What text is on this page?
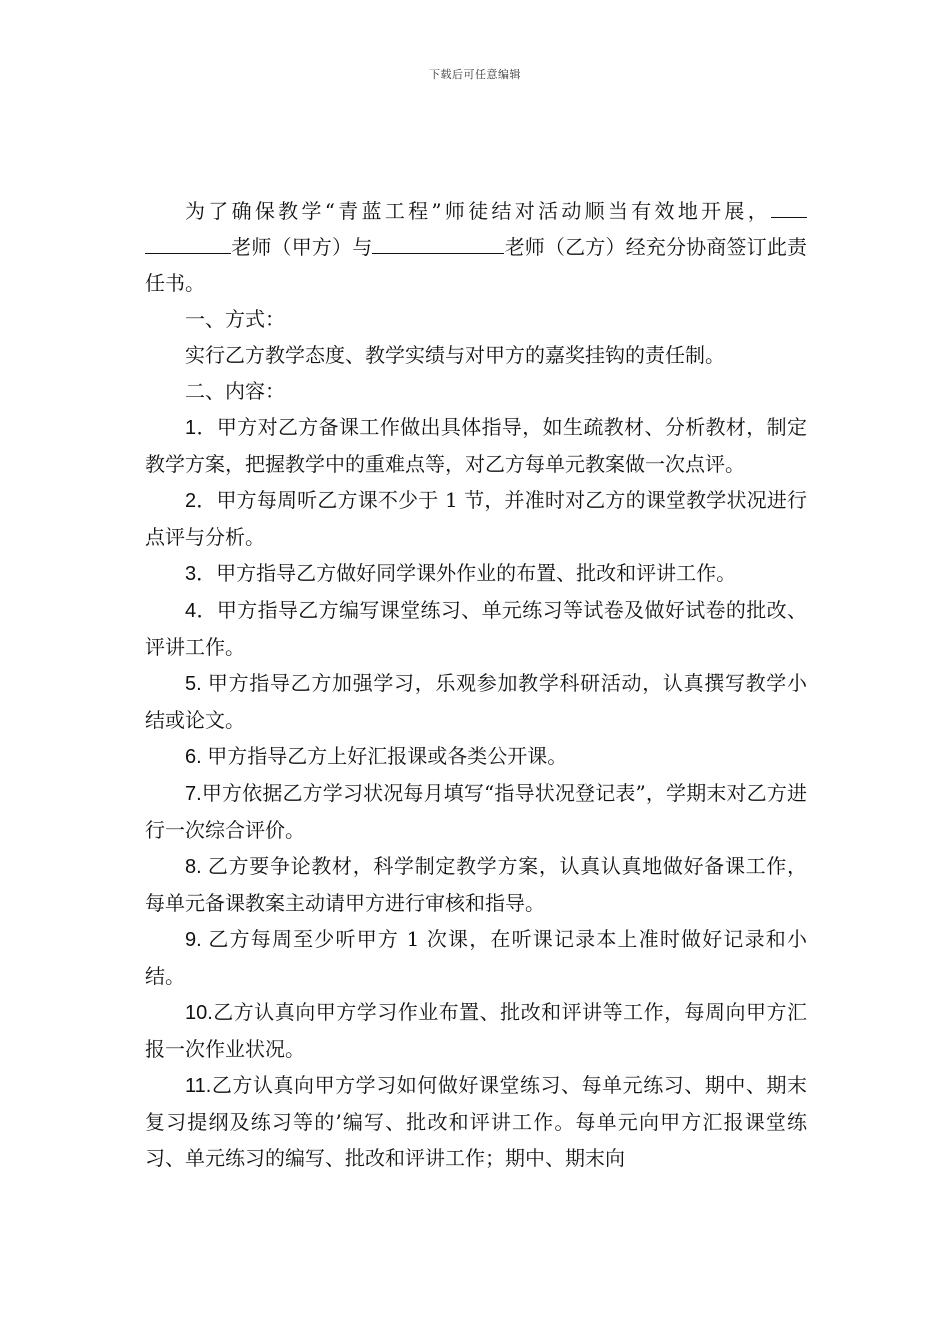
下载后可任意编辑

为了确保教学“青蓝工程”师徒结对活动顺当有效地开展，老师（甲方）与	老师（乙方）经充分协商签订此责任书。

一、方式：

实行乙方教学态度、教学实绩与对甲方的嘉奖挂钩的责任制。

二、内容：

1．甲方对乙方备课工作做出具体指导，如生疏教材、分析教材，制定教学方案，把握教学中的重难点等，对乙方每单元教案做一次点评。

2．甲方每周听乙方课不少于 1 节，并准时对乙方的课堂教学状况进行点评与分析。

3．甲方指导乙方做好同学课外作业的布置、批改和评讲工作。

4．甲方指导乙方编写课堂练习、单元练习等试卷及做好试卷的批改、评讲工作。

5. 甲方指导乙方加强学习，乐观参加教学科研活动，认真撰写教学小结或论文。

6. 甲方指导乙方上好汇报课或各类公开课。

7.甲方依据乙方学习状况每月填写“指导状况登记表”，学期末对乙方进行一次综合评价。

8. 乙方要争论教材，科学制定教学方案，认真认真地做好备课工作，每单元备课教案主动请甲方进行审核和指导。

9. 乙方每周至少听甲方 1 次课，在听课记录本上准时做好记录和小结。

10.乙方认真向甲方学习作业布置、批改和评讲等工作，每周向甲方汇报一次作业状况。

11.乙方认真向甲方学习如何做好课堂练习、每单元练习、期中、期末复习提纲及练习等的’编写、批改和评讲工作。每单元向甲方汇报课堂练习、单元练习的编写、批改和评讲工作；期中、期末向
